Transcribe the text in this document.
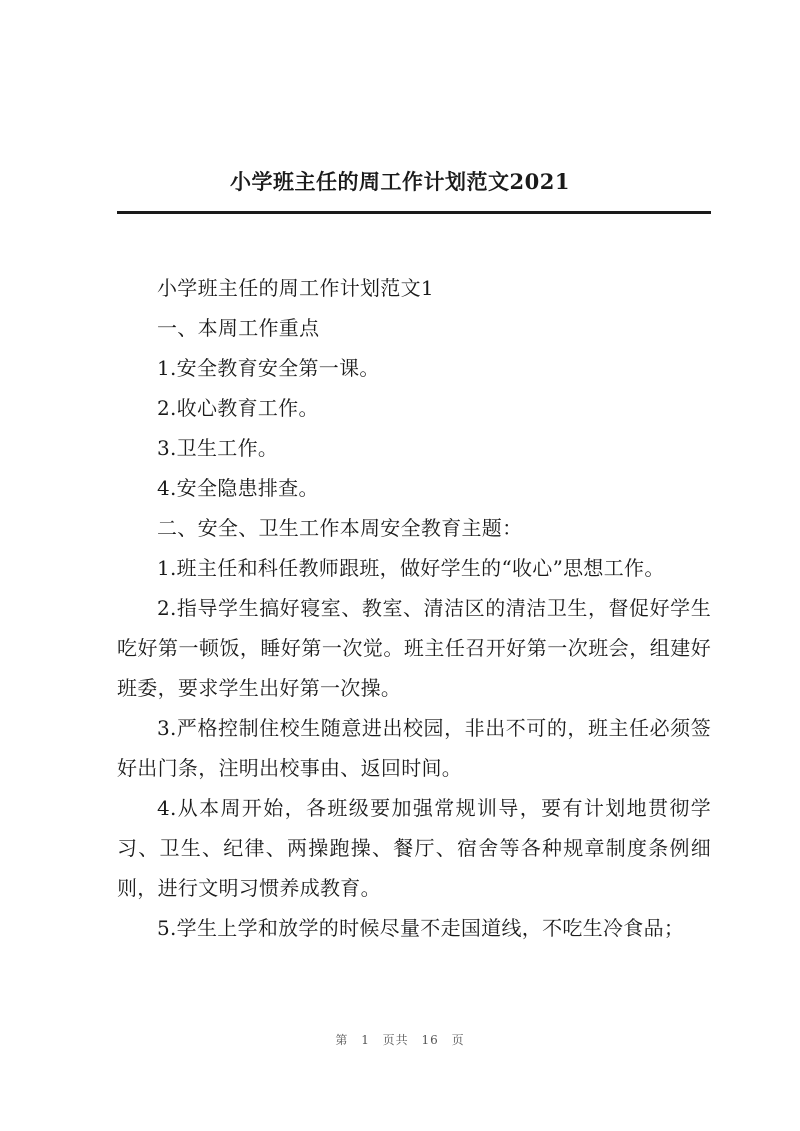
小学班主任的周工作计划范文2021

小学班主任的周工作计划范文1

一、本周工作重点

1.安全教育安全第一课。

2.收心教育工作。

3.卫生工作。

4.安全隐患排查。

二、安全、卫生工作本周安全教育主题：

1.班主任和科任教师跟班，做好学生的“收心”思想工作。

2.指导学生搞好寝室、教室、清洁区的清洁卫生，督促好学生吃好第一顿饭，睡好第一次觉。班主任召开好第一次班会，组建好班委，要求学生出好第一次操。

3.严格控制住校生随意进出校园，非出不可的，班主任必须签好出门条，注明出校事由、返回时间。

4.从本周开始，各班级要加强常规训导，要有计划地贯彻学习、卫生、纪律、两操跑操、餐厅、宿舍等各种规章制度条例细则，进行文明习惯养成教育。

5.学生上学和放学的时候尽量不走国道线，不吃生冷食品；

第 1 页共 16 页
